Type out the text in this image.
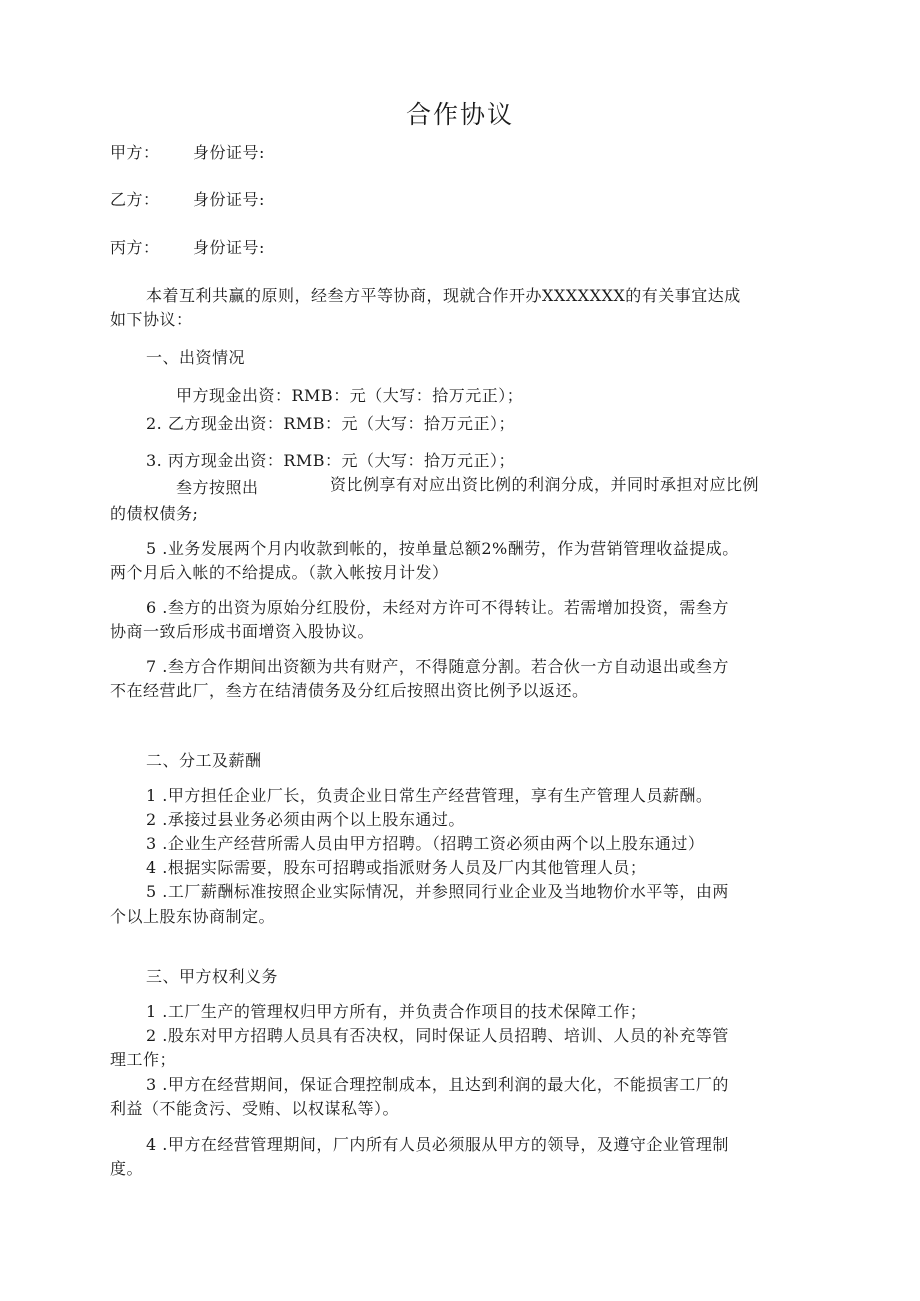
合作协议
甲方： 身份证号:
乙方： 身份证号:
丙方： 身份证号:
本着互利共赢的原则，经叁方平等协商，现就合作开办XXXXXXX的有关事宜达成
如下协议：
一、出资情况
甲方现金出资：RMB：元（大写：拾万元正）；
2. 乙方现金出资：RMB：元（大写：拾万元正）；
3. 丙方现金出资：RMB：元（大写：拾万元正）；
叁方按照出	资比例享有对应出资比例的利润分成，并同时承担对应比例
的债权债务;
5 .业务发展两个月内收款到帐的，按单量总额2%酬劳，作为营销管理收益提成。
两个月后入帐的不给提成。（款入帐按月计发）
6 .叁方的出资为原始分红股份，未经对方许可不得转让。若需增加投资，需叁方
协商一致后形成书面增资入股协议。
7 .叁方合作期间出资额为共有财产，不得随意分割。若合伙一方自动退出或叁方
不在经营此厂，叁方在结清债务及分红后按照出资比例予以返还。
二、分工及薪酬
1 .甲方担任企业厂长，负责企业日常生产经营管理，享有生产管理人员薪酬。
2 .承接过县业务必须由两个以上股东通过。
3 .企业生产经营所需人员由甲方招聘。（招聘工资必须由两个以上股东通过）
4 .根据实际需要，股东可招聘或指派财务人员及厂内其他管理人员；
5 .工厂薪酬标准按照企业实际情况，并参照同行业企业及当地物价水平等，由两
个以上股东协商制定。
三、甲方权利义务
1 .工厂生产的管理权归甲方所有，并负责合作项目的技术保障工作；
2 .股东对甲方招聘人员具有否决权，同时保证人员招聘、培训、人员的补充等管
理工作；
3 .甲方在经营期间，保证合理控制成本，且达到利润的最大化，不能损害工厂的
利益（不能贪污、受贿、以权谋私等）。
4 .甲方在经营管理期间，厂内所有人员必须服从甲方的领导，及遵守企业管理制
度。
